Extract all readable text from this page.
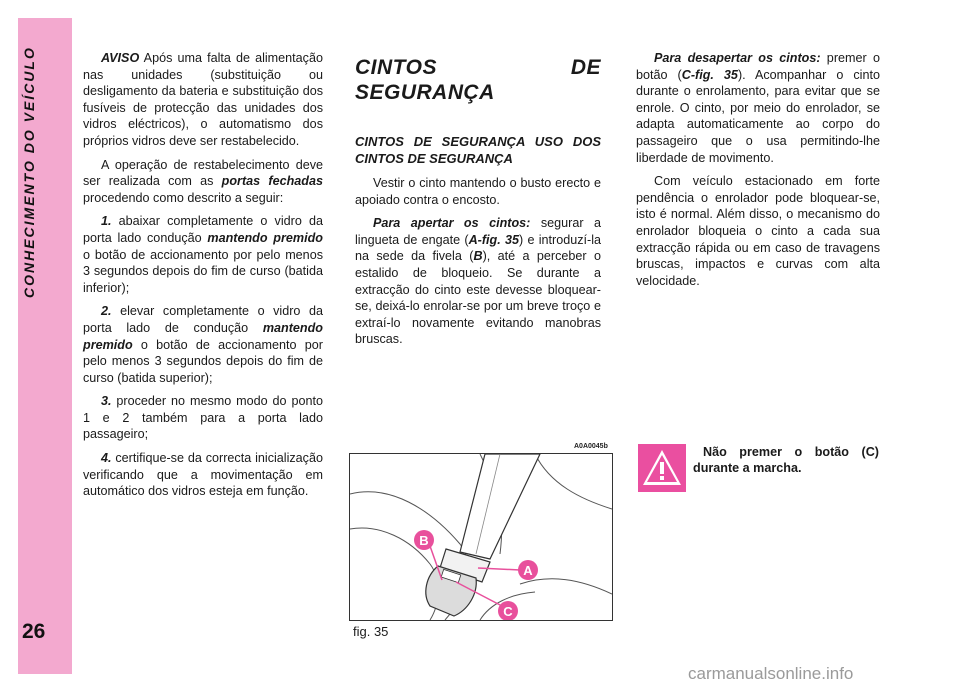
CONHECIMENTO DO VEÍCULO
26

AVISO Após uma falta de alimentação nas unidades (substituição ou desligamento da bateria e substituição dos fusíveis de protecção das unidades dos vidros eléctricos), o automatismo dos próprios vidros deve ser restabelecido.

A operação de restabelecimento deve ser realizada com as portas fechadas procedendo como descrito a seguir:

1. abaixar completamente o vidro da porta lado condução mantendo premido o botão de accionamento por pelo menos 3 segundos depois do fim de curso (batida inferior);

2. elevar completamente o vidro da porta lado de condução mantendo premido o botão de accionamento por pelo menos 3 segundos depois do fim de curso (batida superior);

3. proceder no mesmo modo do ponto 1 e 2 também para a porta lado passageiro;

4. certifique-se da correcta inicialização verificando que a movimentação em automático dos vidros esteja em função.

CINTOS DE SEGURANÇA
CINTOS DE SEGURANÇA USO DOS CINTOS DE SEGURANÇA

Vestir o cinto mantendo o busto erecto e apoiado contra o encosto.

Para apertar os cintos: segurar a lingueta de engate (A-fig. 35) e introduzí-la na sede da fivela (B), até a perceber o estalido de bloqueio. Se durante a extracção do cinto este devesse bloquear-se, deixá-lo enrolar-se por um breve troço e extraí-lo novamente evitando manobras bruscas.

Para desapertar os cintos: premer o botão (C-fig. 35). Acompanhar o cinto durante o enrolamento, para evitar que se enrole. O cinto, por meio do enrolador, se adapta automaticamente ao corpo do passageiro que o usa permitindo-lhe liberdade de movimento.

Com veículo estacionado em forte pendência o enrolador pode bloquear-se, isto é normal. Além disso, o mecanismo do enrolador bloqueia o cinto a cada sua extracção rápida ou em caso de travagens bruscas, impactos e curvas com alta velocidade.

A0A0045b
B
A
C
fig. 35
Não premer o botão (C) durante a marcha.
carmanualsonline.info
